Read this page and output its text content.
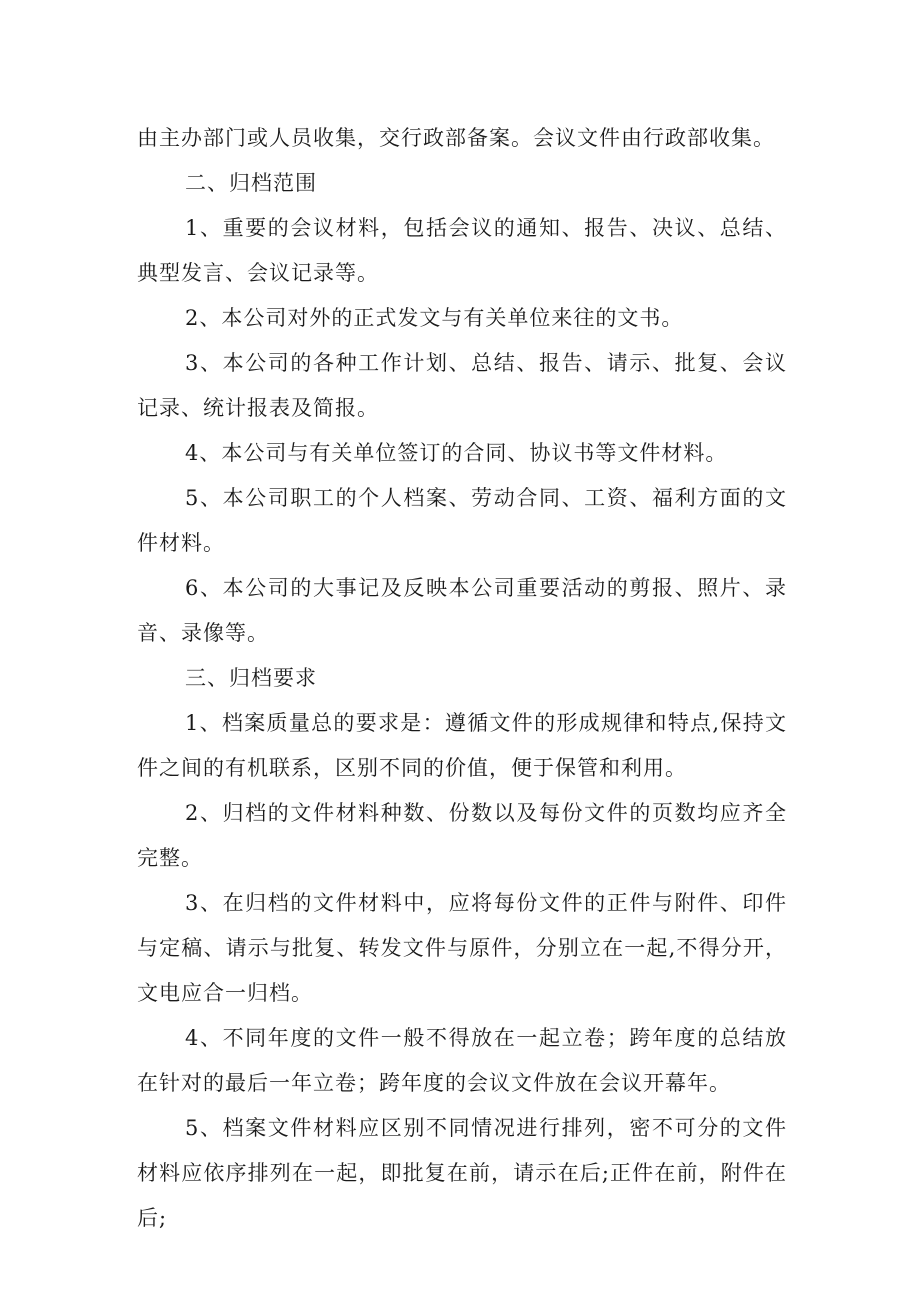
由主办部门或人员收集，交行政部备案。会议文件由行政部收集。

二、归档范围

1、重要的会议材料，包括会议的通知、报告、决议、总结、典型发言、会议记录等。

2、本公司对外的正式发文与有关单位来往的文书。

3、本公司的各种工作计划、总结、报告、请示、批复、会议记录、统计报表及简报。

4、本公司与有关单位签订的合同、协议书等文件材料。

5、本公司职工的个人档案、劳动合同、工资、福利方面的文件材料。

6、本公司的大事记及反映本公司重要活动的剪报、照片、录音、录像等。

三、归档要求

1、档案质量总的要求是：遵循文件的形成规律和特点,保持文件之间的有机联系，区别不同的价值，便于保管和利用。

2、归档的文件材料种数、份数以及每份文件的页数均应齐全完整。

3、在归档的文件材料中，应将每份文件的正件与附件、印件与定稿、请示与批复、转发文件与原件，分别立在一起,不得分开，文电应合一归档。

4、不同年度的文件一般不得放在一起立卷；跨年度的总结放在针对的最后一年立卷；跨年度的会议文件放在会议开幕年。

5、档案文件材料应区别不同情况进行排列，密不可分的文件材料应依序排列在一起，即批复在前，请示在后;正件在前，附件在后;
